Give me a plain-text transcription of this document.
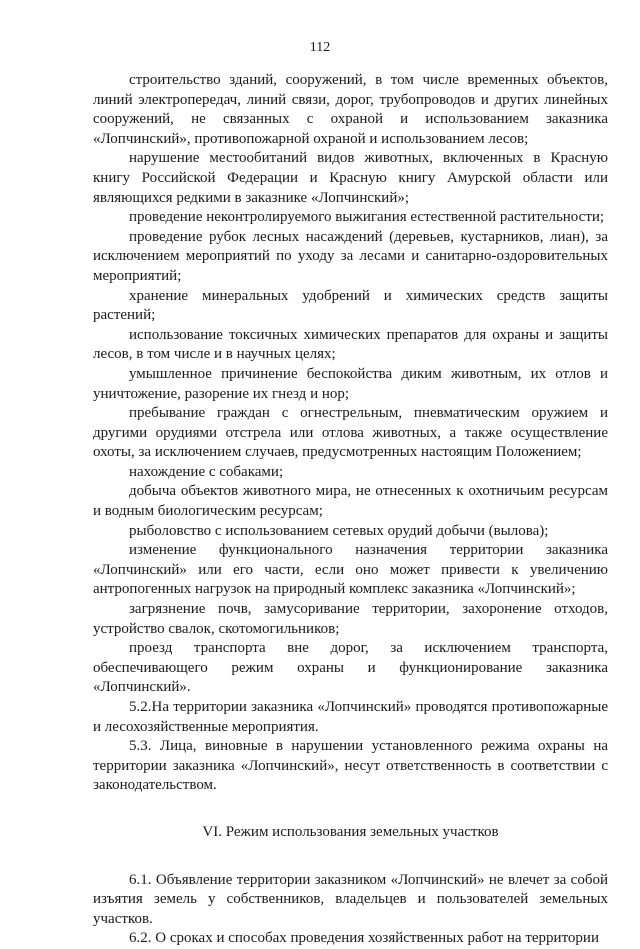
112

строительство зданий, сооружений, в том числе временных объектов, линий электропередач, линий связи, дорог, трубопроводов и других линейных сооружений, не связанных с охраной и использованием заказника «Лопчинский», противопожарной охраной и использованием лесов;

нарушение местообитаний видов животных, включенных в Красную книгу Российской Федерации и Красную книгу Амурской области или являющихся редкими в заказнике «Лопчинский»;

проведение неконтролируемого выжигания естественной растительности;

проведение рубок лесных насаждений (деревьев, кустарников, лиан), за исключением мероприятий по уходу за лесами и санитарно-оздоровительных мероприятий;

хранение минеральных удобрений и химических средств защиты растений;

использование токсичных химических препаратов для охраны и защиты лесов, в том числе и в научных целях;

умышленное причинение беспокойства диким животным, их отлов и уничтожение, разорение их гнезд и нор;

пребывание граждан с огнестрельным, пневматическим оружием и другими орудиями отстрела или отлова животных, а также осуществление охоты, за исключением случаев, предусмотренных настоящим Положением;

нахождение с собаками;

добыча объектов животного мира, не отнесенных к охотничьим ресурсам и водным биологическим ресурсам;

рыболовство с использованием сетевых орудий добычи (вылова);

изменение функционального назначения территории заказника «Лопчинский» или его части, если оно может привести к увеличению антропогенных нагрузок на природный комплекс заказника «Лопчинский»;

загрязнение почв, замусоривание территории, захоронение отходов, устройство свалок, скотомогильников;

проезд транспорта вне дорог, за исключением транспорта, обеспечивающего режим охраны и функционирование заказника «Лопчинский».

5.2.На территории заказника «Лопчинский» проводятся противопожарные и лесохозяйственные мероприятия.

5.3. Лица, виновные в нарушении установленного режима охраны на территории заказника «Лопчинский», несут ответственность в соответствии с законодательством.

VI. Режим использования земельных участков

6.1. Объявление территории заказником «Лопчинский» не влечет за собой изъятия земель у собственников, владельцев и пользователей земельных участков.

6.2. О сроках и способах проведения хозяйственных работ на территории
